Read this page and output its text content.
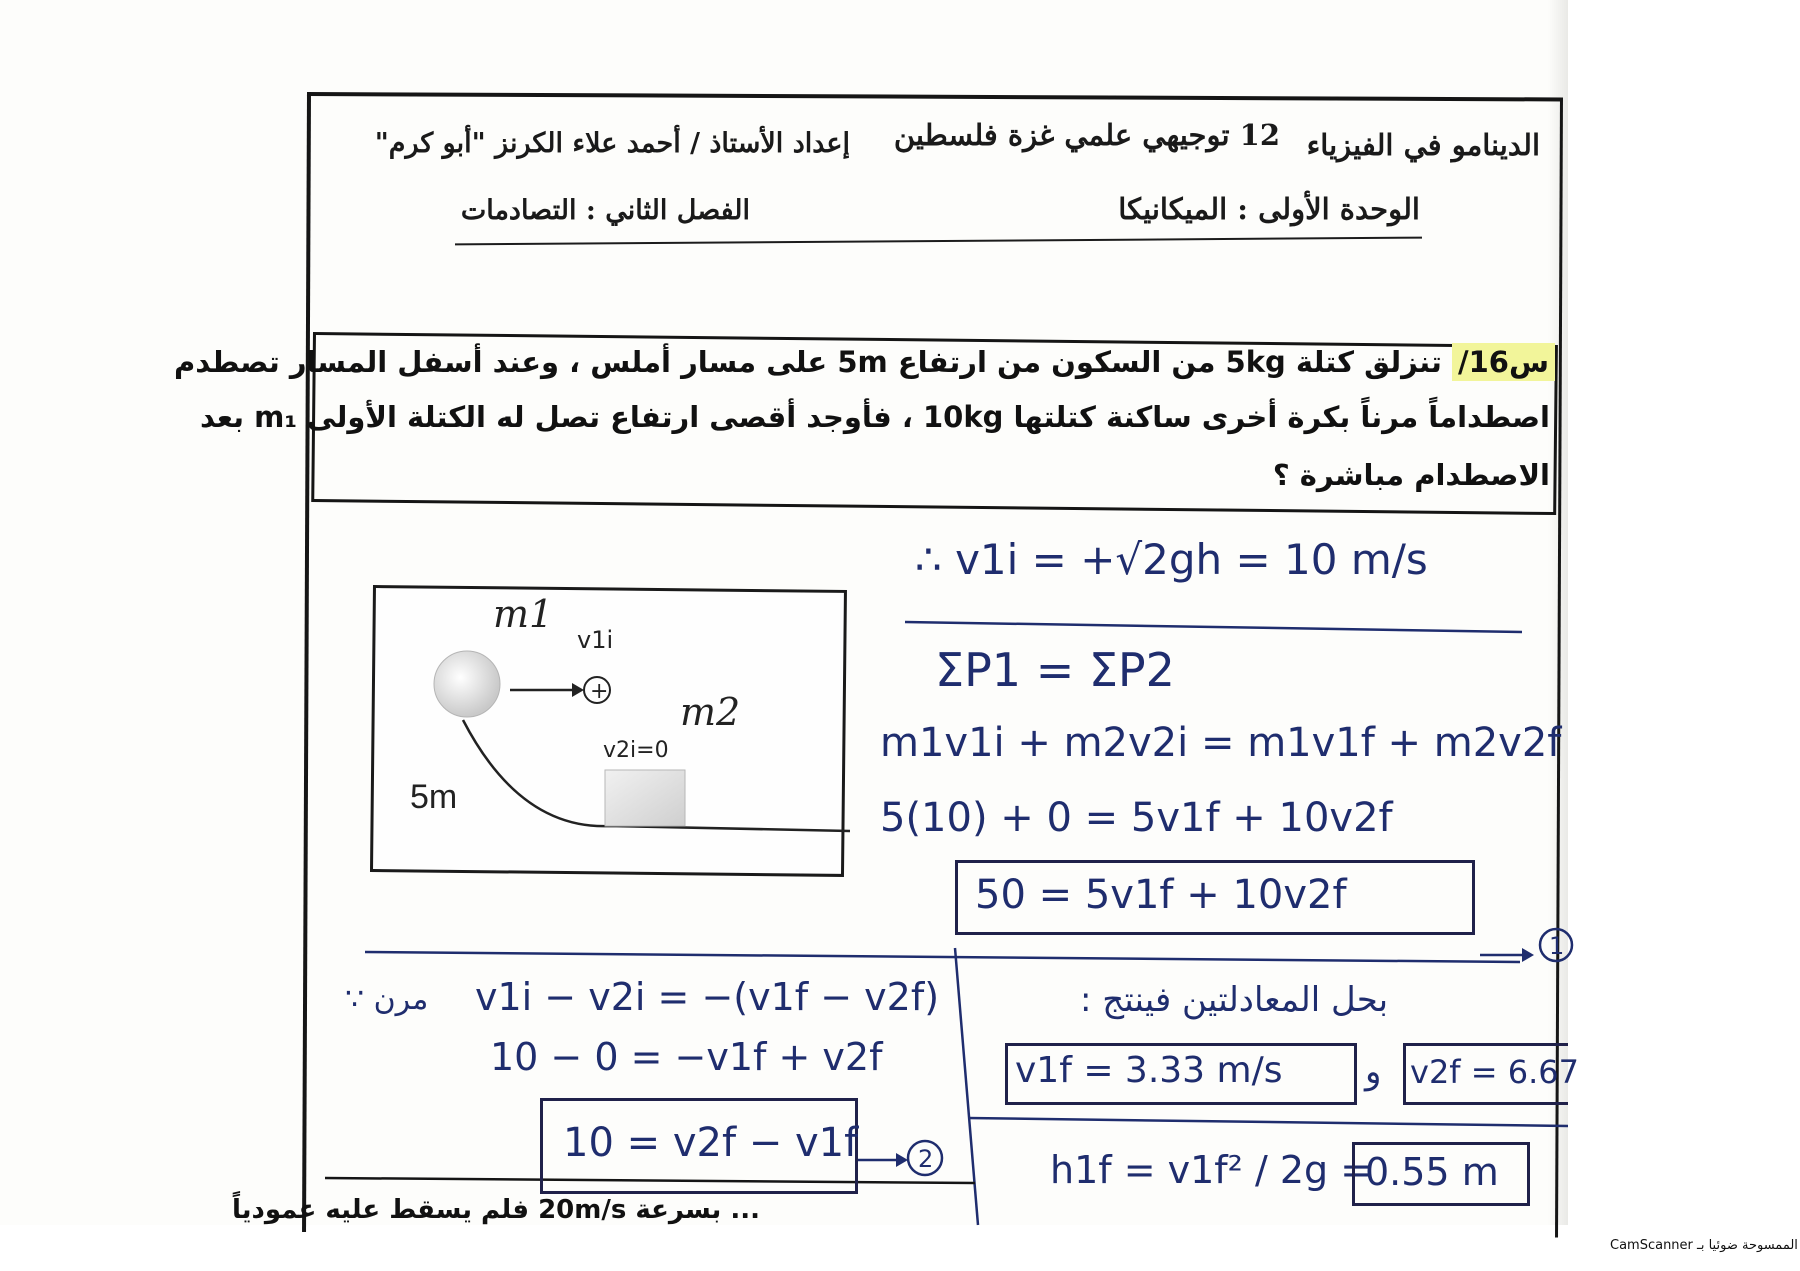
الدينامو في الفيزياء
12 توجيهي علمي غزة فلسطين
إعداد الأستاذ / أحمد علاء الكرنز "أبو كرم"
الوحدة الأولى : الميكانيكا
الفصل الثاني : التصادمات
س16/ تنزلق كتلة 5kg من السكون من ارتفاع 5m على مسار أملس ، وعند أسفل المسار تصطدم
اصطداماً مرناً بكرة أخرى ساكنة كتلتها 10kg ، فأوجد أقصى ارتفاع تصل له الكتلة الأولى m₁ بعد
الاصطدام مباشرة ؟
+
m1
v1i
m2
v2i=0
5m
1
2
∴ v1i = +√2gh = 10 m/s
ΣP1 = ΣP2
m1v1i + m2v2i = m1v1f + m2v2f
5(10) + 0 = 5v1f + 10v2f
50 = 5v1f + 10v2f
∵ مرن v1i − v2i = −(v1f − v2f)
10 − 0 = −v1f + v2f
10 = v2f − v1f
بحل المعادلتين فينتج :
v1f = 3.33 m/s و v2f = 6.67
h1f = v1f² / 2g =
0.55 m
... بسرعة 20m/s فلم يسقط عليه عمودياً
الممسوحة ضوئيا بـ CamScanner
